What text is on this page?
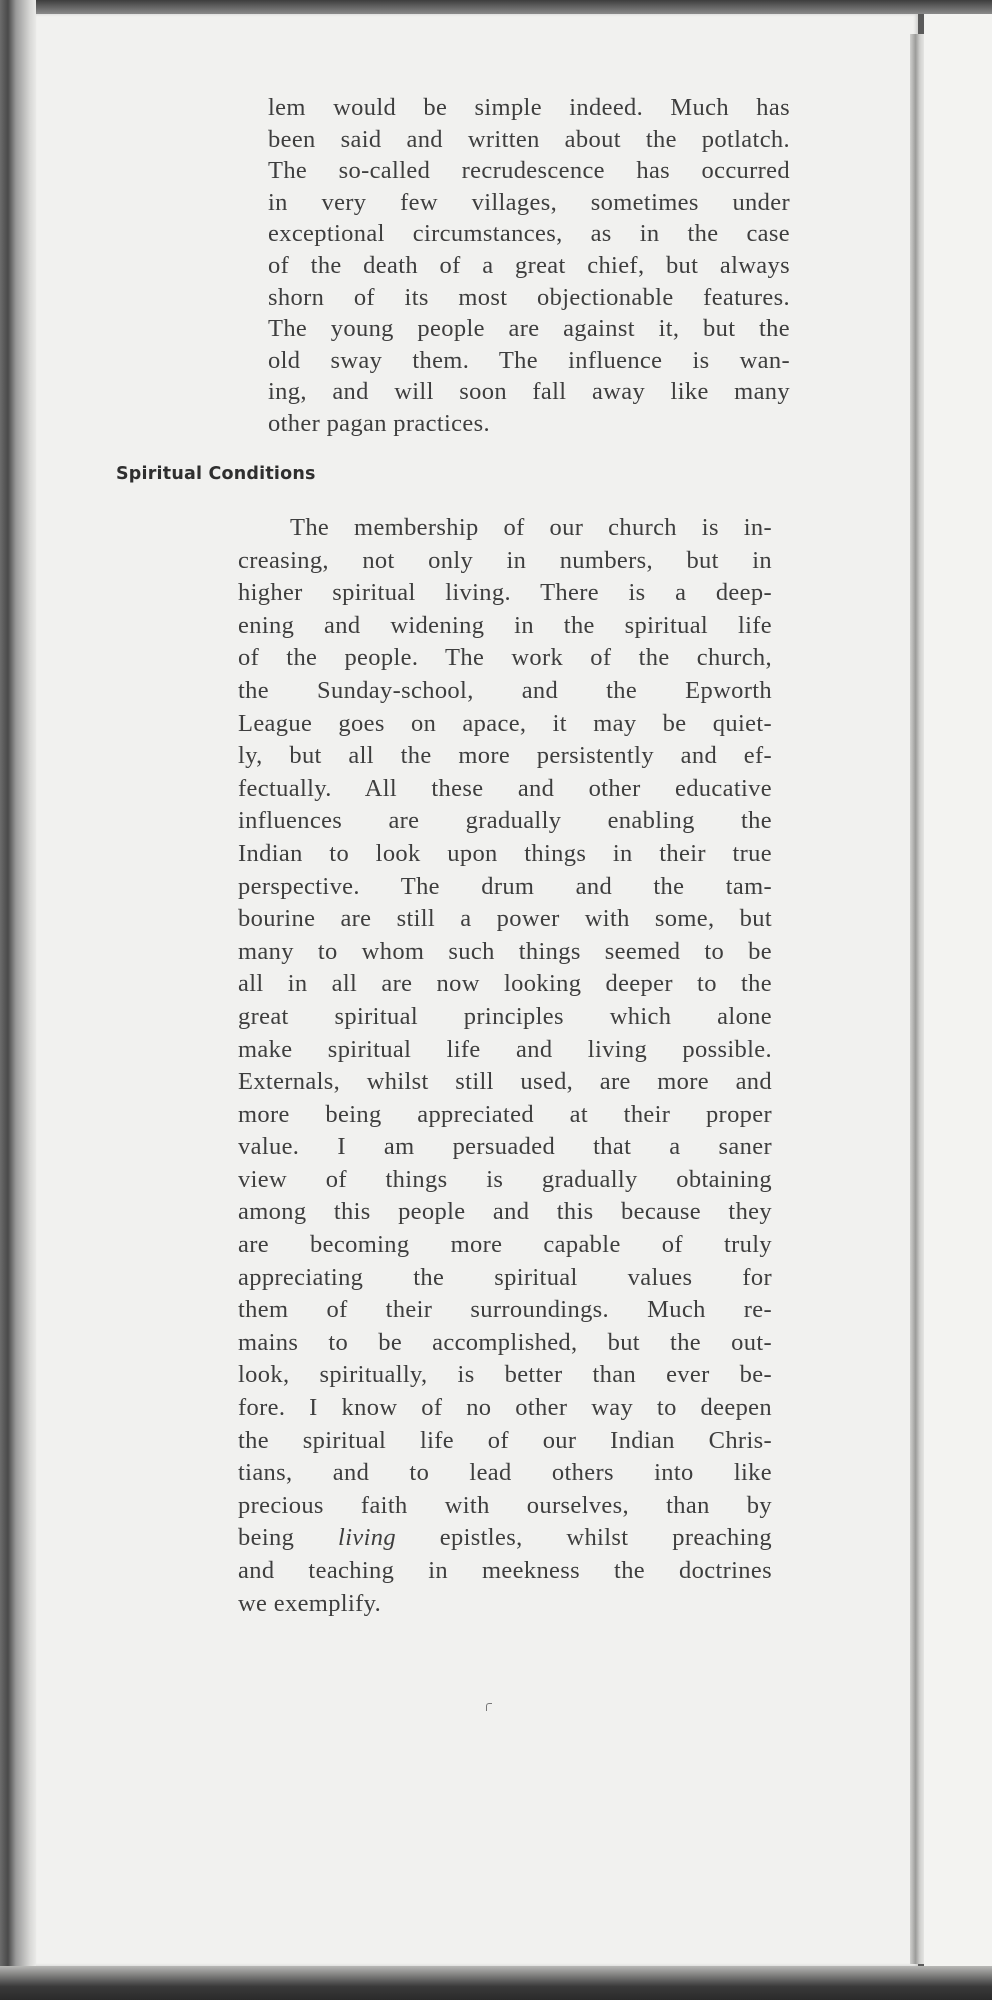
lem would be simple indeed. Much has
been said and written about the potlatch.
The so-called recrudescence has occurred
in very few villages, sometimes under
exceptional circumstances, as in the case
of the death of a great chief, but always
shorn of its most objectionable features.
The young people are against it, but the
old sway them. The influence is wan-
ing, and will soon fall away like many
other pagan practices.
Spiritual Conditions
The membership of our church is in-
creasing, not only in numbers, but in
higher spiritual living. There is a deep-
ening and widening in the spiritual life
of the people. The work of the church,
the Sunday-school, and the Epworth
League goes on apace, it may be quiet-
ly, but all the more persistently and ef-
fectually. All these and other educative
influences are gradually enabling the
Indian to look upon things in their true
perspective. The drum and the tam-
bourine are still a power with some, but
many to whom such things seemed to be
all in all are now looking deeper to the
great spiritual principles which alone
make spiritual life and living possible.
Externals, whilst still used, are more and
more being appreciated at their proper
value. I am persuaded that a saner
view of things is gradually obtaining
among this people and this because they
are becoming more capable of truly
appreciating the spiritual values for
them of their surroundings. Much re-
mains to be accomplished, but the out-
look, spiritually, is better than ever be-
fore. I know of no other way to deepen
the spiritual life of our Indian Chris-
tians, and to lead others into like
precious faith with ourselves, than by
being living epistles, whilst preaching
and teaching in meekness the doctrines
we exemplify.
